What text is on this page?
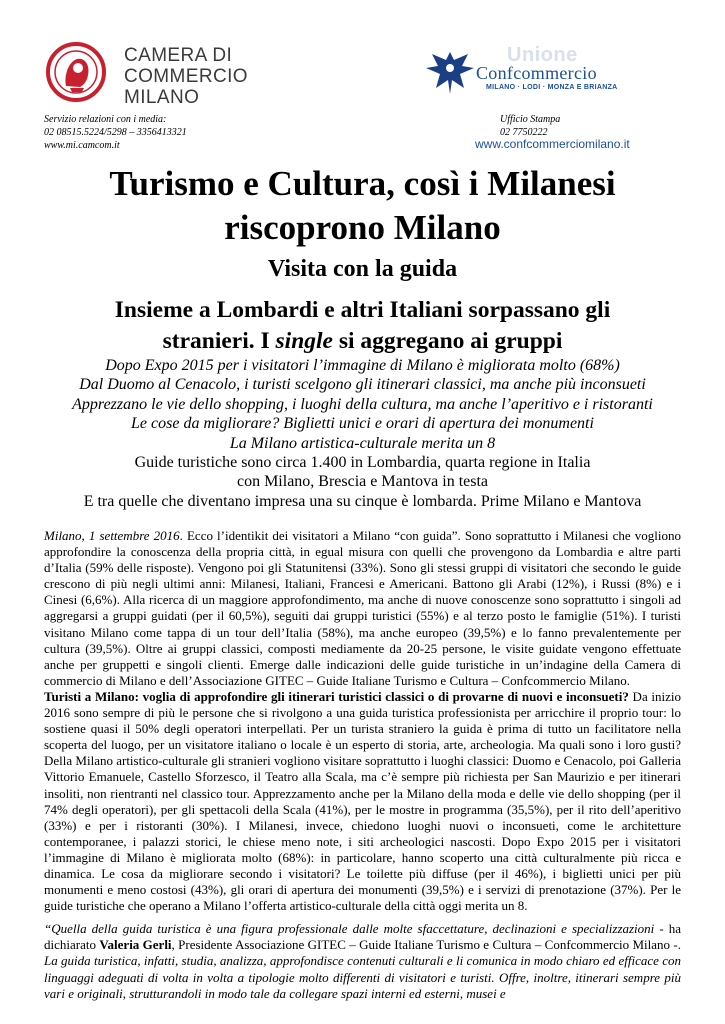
CAMERA DI
COMMERCIO
MILANO
Unione
Confcommercio
MILANO · LODI · MONZA E BRIANZA
Servizio relazioni con i media:
02 08515.5224/5298 – 3356413321
www.mi.camcom.it
Ufficio Stampa
02 7750222
www.confcommerciomilano.it
Turismo e Cultura, così i Milanesi
riscoprono Milano
Visita con la guida
Insieme a Lombardi e altri Italiani sorpassano gli
stranieri. I single si aggregano ai gruppi
Dopo Expo 2015 per i visitatori l’immagine di Milano è migliorata molto (68%)
Dal Duomo al Cenacolo, i turisti scelgono gli itinerari classici, ma anche più inconsueti
Apprezzano le vie dello shopping, i luoghi della cultura, ma anche l’aperitivo e i ristoranti
Le cose da migliorare? Biglietti unici e orari di apertura dei monumenti
La Milano artistica-culturale merita un 8
Guide turistiche sono circa 1.400 in Lombardia, quarta regione in Italia
con Milano, Brescia e Mantova in testa
E tra quelle che diventano impresa una su cinque è lombarda. Prime Milano e Mantova

Milano, 1 settembre 2016. Ecco l’identikit dei visitatori a Milano “con guida”. Sono soprattutto i Milanesi che vogliono approfondire la conoscenza della propria città, in egual misura con quelli che provengono da Lombardia e altre parti d’Italia (59% delle risposte). Vengono poi gli Statunitensi (33%). Sono gli stessi gruppi di visitatori che secondo le guide crescono di più negli ultimi anni: Milanesi, Italiani, Francesi e Americani. Battono gli Arabi (12%), i Russi (8%) e i Cinesi (6,6%). Alla ricerca di un maggiore approfondimento, ma anche di nuove conoscenze sono soprattutto i singoli ad aggregarsi a gruppi guidati (per il 60,5%), seguiti dai gruppi turistici (55%) e al terzo posto le famiglie (51%). I turisti visitano Milano come tappa di un tour dell’Italia (58%), ma anche europeo (39,5%) e lo fanno prevalentemente per cultura (39,5%). Oltre ai gruppi classici, composti mediamente da 20-25 persone, le visite guidate vengono effettuate anche per gruppetti e singoli clienti. Emerge dalle indicazioni delle guide turistiche in un’indagine della Camera di commercio di Milano e dell’Associazione GITEC – Guide Italiane Turismo e Cultura – Confcommercio Milano.

Turisti a Milano: voglia di approfondire gli itinerari turistici classici o di provarne di nuovi e inconsueti? Da inizio 2016 sono sempre di più le persone che si rivolgono a una guida turistica professionista per arricchire il proprio tour: lo sostiene quasi il 50% degli operatori interpellati. Per un turista straniero la guida è prima di tutto un facilitatore nella scoperta del luogo, per un visitatore italiano o locale è un esperto di storia, arte, archeologia. Ma quali sono i loro gusti? Della Milano artistico-culturale gli stranieri vogliono visitare soprattutto i luoghi classici: Duomo e Cenacolo, poi Galleria Vittorio Emanuele, Castello Sforzesco, il Teatro alla Scala, ma c’è sempre più richiesta per San Maurizio e per itinerari insoliti, non rientranti nel classico tour. Apprezzamento anche per la Milano della moda e delle vie dello shopping (per il 74% degli operatori), per gli spettacoli della Scala (41%), per le mostre in programma (35,5%), per il rito dell’aperitivo (33%) e per i ristoranti (30%). I Milanesi, invece, chiedono luoghi nuovi o inconsueti, come le architetture contemporanee, i palazzi storici, le chiese meno note, i siti archeologici nascosti. Dopo Expo 2015 per i visitatori l’immagine di Milano è migliorata molto (68%): in particolare, hanno scoperto una città culturalmente più ricca e dinamica. Le cosa da migliorare secondo i visitatori? Le toilette più diffuse (per il 46%), i biglietti unici per più monumenti e meno costosi (43%), gli orari di apertura dei monumenti (39,5%) e i servizi di prenotazione (37%). Per le guide turistiche che operano a Milano l’offerta artistico-culturale della città oggi merita un 8.

“Quella della guida turistica è una figura professionale dalle molte sfaccettature, declinazioni e specializzazioni - ha dichiarato Valeria Gerli, Presidente Associazione GITEC – Guide Italiane Turismo e Cultura – Confcommercio Milano -. La guida turistica, infatti, studia, analizza, approfondisce contenuti culturali e li comunica in modo chiaro ed efficace con linguaggi adeguati di volta in volta a tipologie molto differenti di visitatori e turisti. Offre, inoltre, itinerari sempre più vari e originali, strutturandoli in modo tale da collegare spazi interni ed esterni, musei e
